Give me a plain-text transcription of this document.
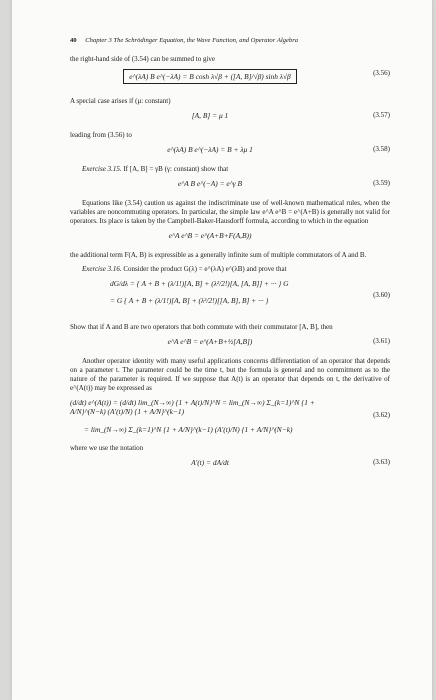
40 Chapter 3 The Schrödinger Equation, the Wave Function, and Operator Algebra

the right-hand side of (3.54) can be summed to give

e^(λA) B e^(−λA) = B cosh λ√β + ([A, B]/√β) sinh λ√β	(3.56)

A special case arises if (μ: constant)

[A, B] = μ 1	(3.57)

leading from (3.56) to

e^(λA) B e^(−λA) = B + λμ 1	(3.58)

Exercise 3.15. If [A, B] = γB (γ: constant) show that

e^A B e^(−A) = e^γ B	(3.59)

Equations like (3.54) caution us against the indiscriminate use of well-known mathematical rules, when the variables are noncommuting operators. In particular, the simple law e^A e^B = e^(A+B) is generally not valid for operators. Its place is taken by the Campbell-Baker-Hausdorff formula, according to which in the equation

e^A e^B = e^(A+B+F(A,B))

the additional term F(A, B) is expressible as a generally infinite sum of multiple commutators of A and B.

Exercise 3.16. Consider the product G(λ) = e^(λA) e^(λB) and prove that

dG/dλ = { A + B + (λ/1!)[A, B] + (λ²/2!)[A, [A, B]] + ··· } G
= G { A + B + (λ/1!)[A, B] + (λ²/2!)[[A, B], B] + ··· }
(3.60)

Show that if A and B are two operators that both commute with their commutator [A, B], then

e^A e^B = e^(A+B+½[A,B])	(3.61)

Another operator identity with many useful applications concerns differentiation of an operator that depends on a parameter t. The parameter could be the time t, but the formula is general and no commitment as to the nature of the parameter is required. If we suppose that A(t) is an operator that depends on t, the derivative of e^(A(t)) may be expressed as

(d/dt) e^(A(t)) = (d/dt) lim_(N→∞) {1 + A(t)/N}^N = lim_(N→∞) Σ_(k=1)^N {1 + A/N}^(N−k) (A′(t)/N) {1 + A/N}^(k−1)
= lim_(N→∞) Σ_(k=1)^N {1 + A/N}^(k−1) (A′(t)/N) {1 + A/N}^(N−k)
(3.62)

where we use the notation

A′(t) = dA/dt	(3.63)
